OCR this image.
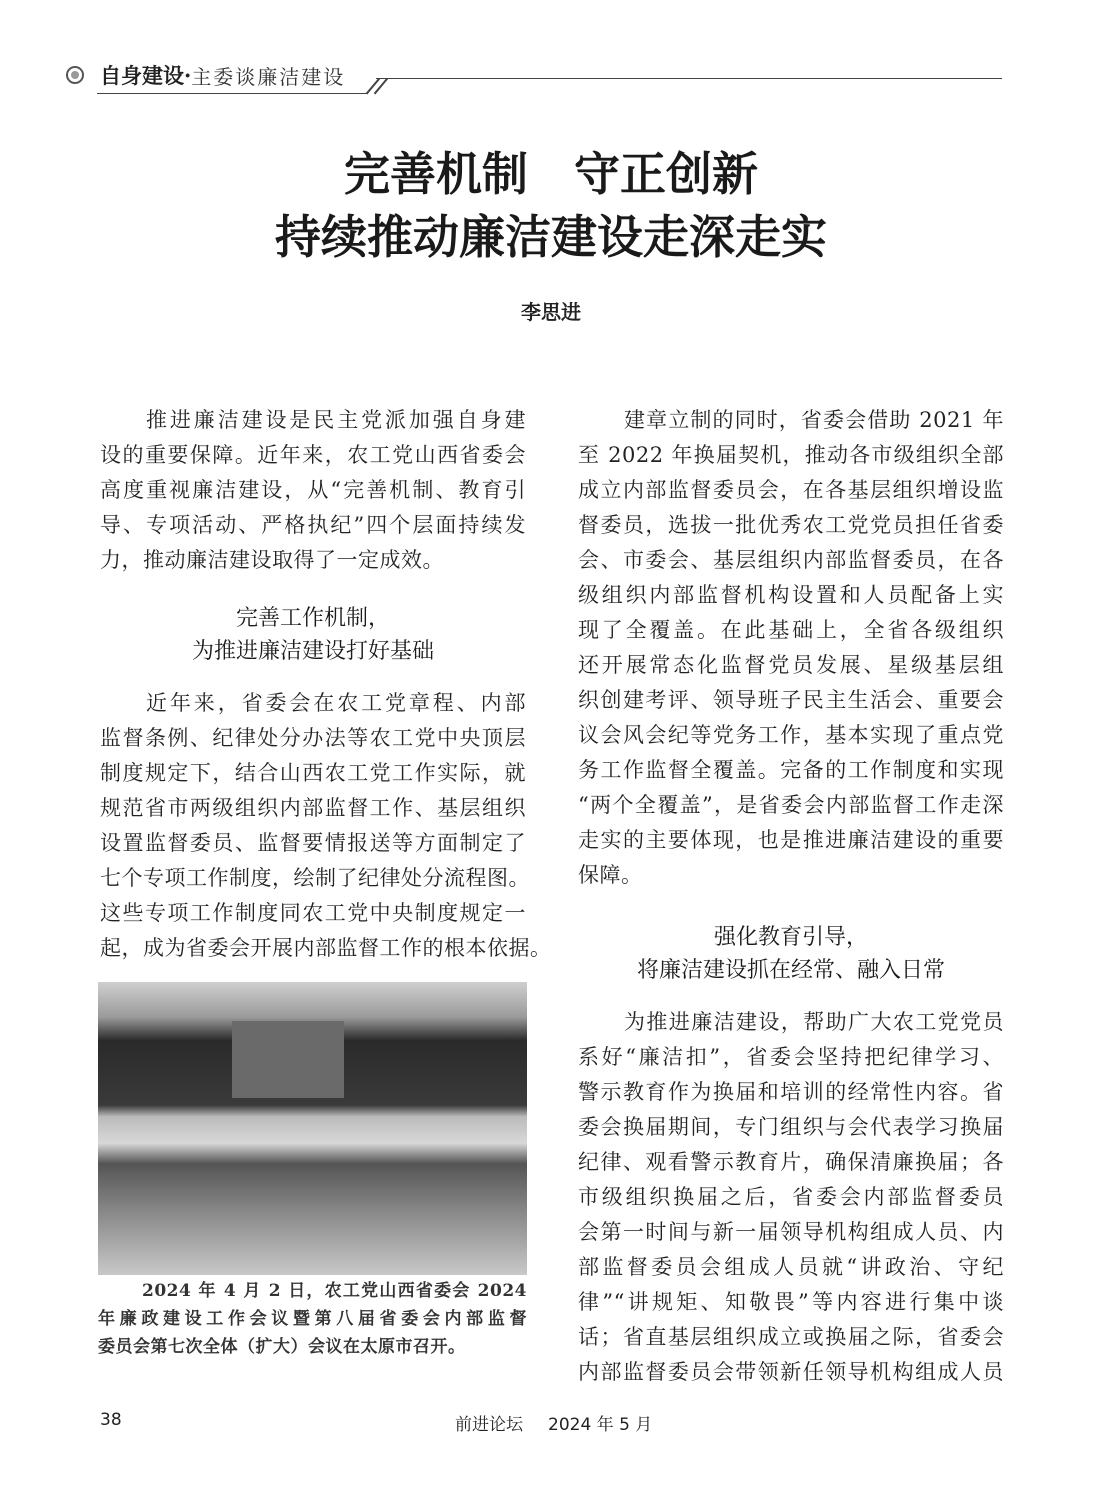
自身建设 · 主委谈廉洁建设
完善机制　守正创新
持续推动廉洁建设走深走实
李思进
推进廉洁建设是民主党派加强自身建
设的重要保障。近年来，农工党山西省委会
高度重视廉洁建设，从“完善机制、教育引
导、专项活动、严格执纪”四个层面持续发
力，推动廉洁建设取得了一定成效。
完善工作机制，
为推进廉洁建设打好基础
近年来，省委会在农工党章程、内部
监督条例、纪律处分办法等农工党中央顶层
制度规定下，结合山西农工党工作实际，就
规范省市两级组织内部监督工作、基层组织
设置监督委员、监督要情报送等方面制定了
七个专项工作制度，绘制了纪律处分流程图。
这些专项工作制度同农工党中央制度规定一
起，成为省委会开展内部监督工作的根本依据。
2024 年 4 月 2 日，农工党山西省委会 2024
年廉政建设工作会议暨第八届省委会内部监督
委员会第七次全体（扩大）会议在太原市召开。
建章立制的同时，省委会借助 2021 年
至 2022 年换届契机，推动各市级组织全部
成立内部监督委员会，在各基层组织增设监
督委员，选拔一批优秀农工党党员担任省委
会、市委会、基层组织内部监督委员，在各
级组织内部监督机构设置和人员配备上实
现了全覆盖。在此基础上，全省各级组织
还开展常态化监督党员发展、星级基层组
织创建考评、领导班子民主生活会、重要会
议会风会纪等党务工作，基本实现了重点党
务工作监督全覆盖。完备的工作制度和实现
“两个全覆盖”，是省委会内部监督工作走深
走实的主要体现，也是推进廉洁建设的重要
保障。
强化教育引导，
将廉洁建设抓在经常、融入日常
为推进廉洁建设，帮助广大农工党党员
系好“廉洁扣”，省委会坚持把纪律学习、
警示教育作为换届和培训的经常性内容。省
委会换届期间，专门组织与会代表学习换届
纪律、观看警示教育片，确保清廉换届；各
市级组织换届之后，省委会内部监督委员
会第一时间与新一届领导机构组成人员、内
部监督委员会组成人员就“讲政治、守纪
律”“讲规矩、知敬畏”等内容进行集中谈
话；省直基层组织成立或换届之际，省委会
内部监督委员会带领新任领导机构组成人员
38	前进论坛 2024 年 5 月
